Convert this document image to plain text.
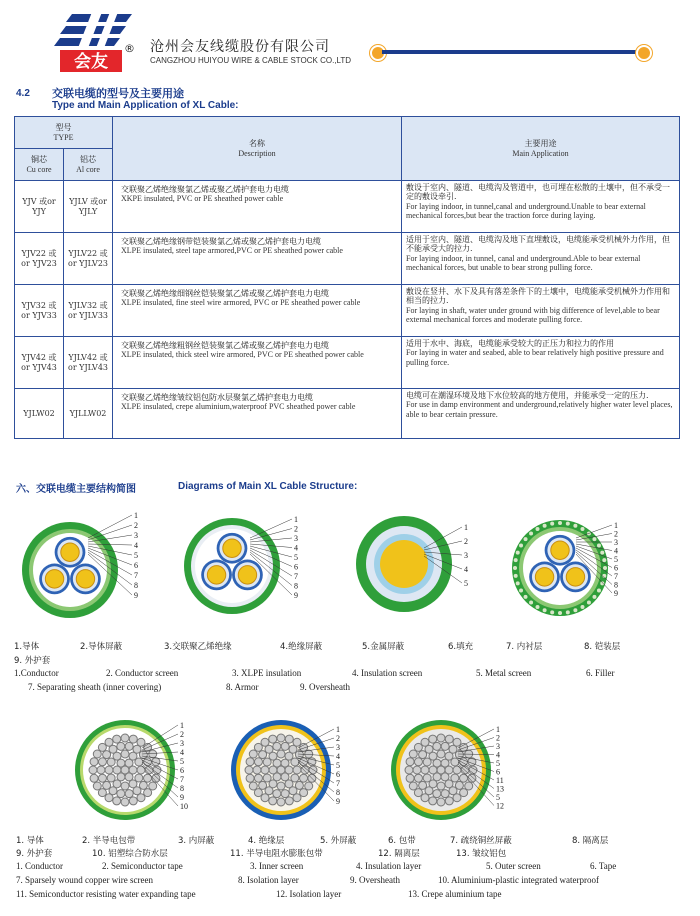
会友
® 沧州会友线缆股份有限公司
CANGZHOU HUIYOU WIRE & CABLE STOCK CO.,LTD
4.2 交联电缆的型号及主要用途
Type and Main Application of XL Cable:
型号
TYPE		名称
Description	主要用途
Main Application

铜芯
Cu core	铝芯
Al core		

YJV 或or YJY	YJLV 或or YJLY	交联聚乙烯绝缘聚氯乙烯或聚乙烯护套电力电缆
XKPE insulated, PVC or PE sheathed power cable	敷设于室内、隧道、电缆沟及管道中，也可埋在松散的土壤中，但不承受一定的敷设牵引.
For laying indoor, in tunnel,canal and underground.Unable to bear external mechanical forces,but bear the traction force during laying.

YJV22 或or YJV23	YJLV22 或or YJLV23	交联聚乙烯绝缘钢带铠装聚氯乙烯或聚乙烯护套电力电缆
XLPE insulated, steel tape armored,PVC or PE sheathed power cable	适用于室内、隧道、电缆沟及地下直埋敷设，电缆能承受机械外力作用，但不能承受大的拉力.
For laying indoor, in tunnel, canal and underground.Able to bear external mechanical forces, but unable to bear strong pulling force.

YJV32 或or YJV33	YJLV32 或or YJLV33	交联聚乙烯绝缘细钢丝铠装聚氯乙烯或聚乙烯护套电力电缆
XLPE insulated, fine steel wire armored, PVC or PE sheathed power cable	敷设在竖井、水下及具有落差条件下的土壤中，电缆能承受机械外力作用和相当的拉力.
For laying in shaft, water under ground with big difference of level,able to bear external mechanical forces and moderate pulling force.

YJV42 或or YJV43	YJLV42 或or YJLV43	交联聚乙烯绝缘粗钢丝铠装聚氯乙烯或聚乙烯护套电力电缆
XLPE insulated, thick steel wire armored, PVC or PE sheathed power cable	适用于水中、海底，电缆能承受较大的正压力和拉力的作用
For laying in water and seabed, able to bear relatively high positive pressure and pulling force.

YJLW02	YJLLW02	交联聚乙烯绝缘皱纹铝包防水层聚氯乙烯护套电力电缆
XLPE insulated, crepe aluminium,waterproof PVC sheathed power cable	电缆可在潮湿环境及地下水位较高的地方使用，并能承受一定的压力.
For use in damp environment and underground,relatively higher water level places, able to bear certain pressure.
六、交联电缆主要结构简图	Diagrams of Main XL Cable Structure:
1
2
3
4
5
6
7
8
9
1
2
3
4
5
6
7
8
9
1
2
3
4
5
1
2
3
4
5
6
7
8
9
1.导体	2.导体屏蔽	3.交联聚乙烯绝缘	4.绝缘屏蔽	5.金属屏蔽	6.填充	7. 内衬层	8. 铠装层
9. 外护套
1.Conductor	2. Conductor screen	3. XLPE insulation	4. Insulation screen	5. Metal screen	6. Filler
7. Separating sheath (inner covering)	8. Armor	9. Oversheath
1
2
3
4
5
6
7
8
9
10
1
2
3
4
5
6
7
8
9
1
2
3
4
5
6
11
13
5
12
1. 导体	2. 半导电包带	3. 内屏蔽	4. 绝缘层	5. 外屏蔽	6. 包带	7. 疏绕铜丝屏蔽	8. 隔离层
9. 外护套	10. 铝塑综合防水层	11. 半导电阻水膨胀包带	12. 隔离层	13. 皱纹铝包
1. Conductor	2. Semiconductor tape	3. Inner screen	4. Insulation layer	5. Outer screen	6. Tape
7. Sparsely wound copper wire screen	8. Isolation layer	9. Oversheath	10. Aluminium-plastic integrated waterproof
11. Semiconductor resisting water expanding tape	12. Isolation layer	13. Crepe aluminium tape
